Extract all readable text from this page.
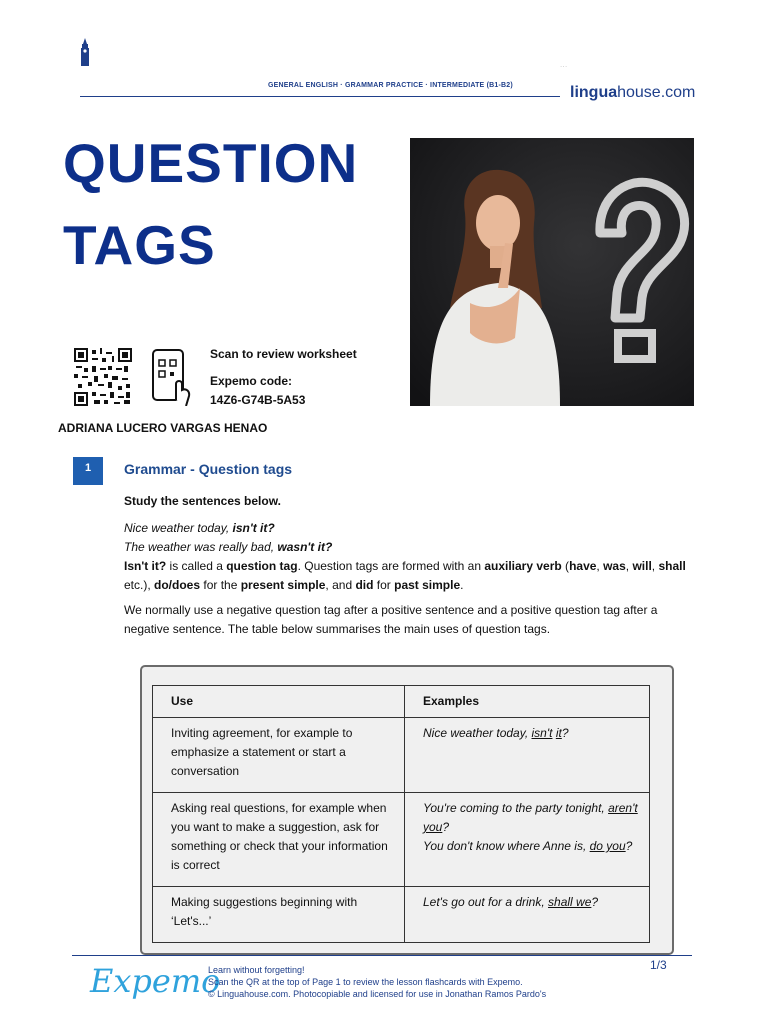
...
GENERAL ENGLISH · GRAMMAR PRACTICE · INTERMEDIATE (B1-B2)	linguahouse.com
QUESTION
TAGS
Scan to review worksheet
Expemo code:
14Z6-G74B-5A53
ADRIANA LUCERO VARGAS HENAO
1	Grammar - Question tags
Study the sentences below.
Nice weather today, isn't it?
The weather was really bad, wasn't it?
Isn't it? is called a question tag. Question tags are formed with an auxiliary verb (have, was, will, shall etc.), do/does for the present simple, and did for past simple.
We normally use a negative question tag after a positive sentence and a positive question tag after a negative sentence. The table below summarises the main uses of question tags.
Use	Examples
Inviting agreement, for example to emphasize a statement or start a conversation	Nice weather today, isn't it?
Asking real questions, for example when you want to make a suggestion, ask for something or check that your information is correct	You're coming to the party tonight, aren't you?
You don't know where Anne is, do you?
Making suggestions beginning with ‘Let's...’	Let's go out for a drink, shall we?
1/3
Expemo
Learn without forgetting!
Scan the QR at the top of Page 1 to review the lesson flashcards with Expemo.
© Linguahouse.com. Photocopiable and licensed for use in Jonathan Ramos Pardo's
